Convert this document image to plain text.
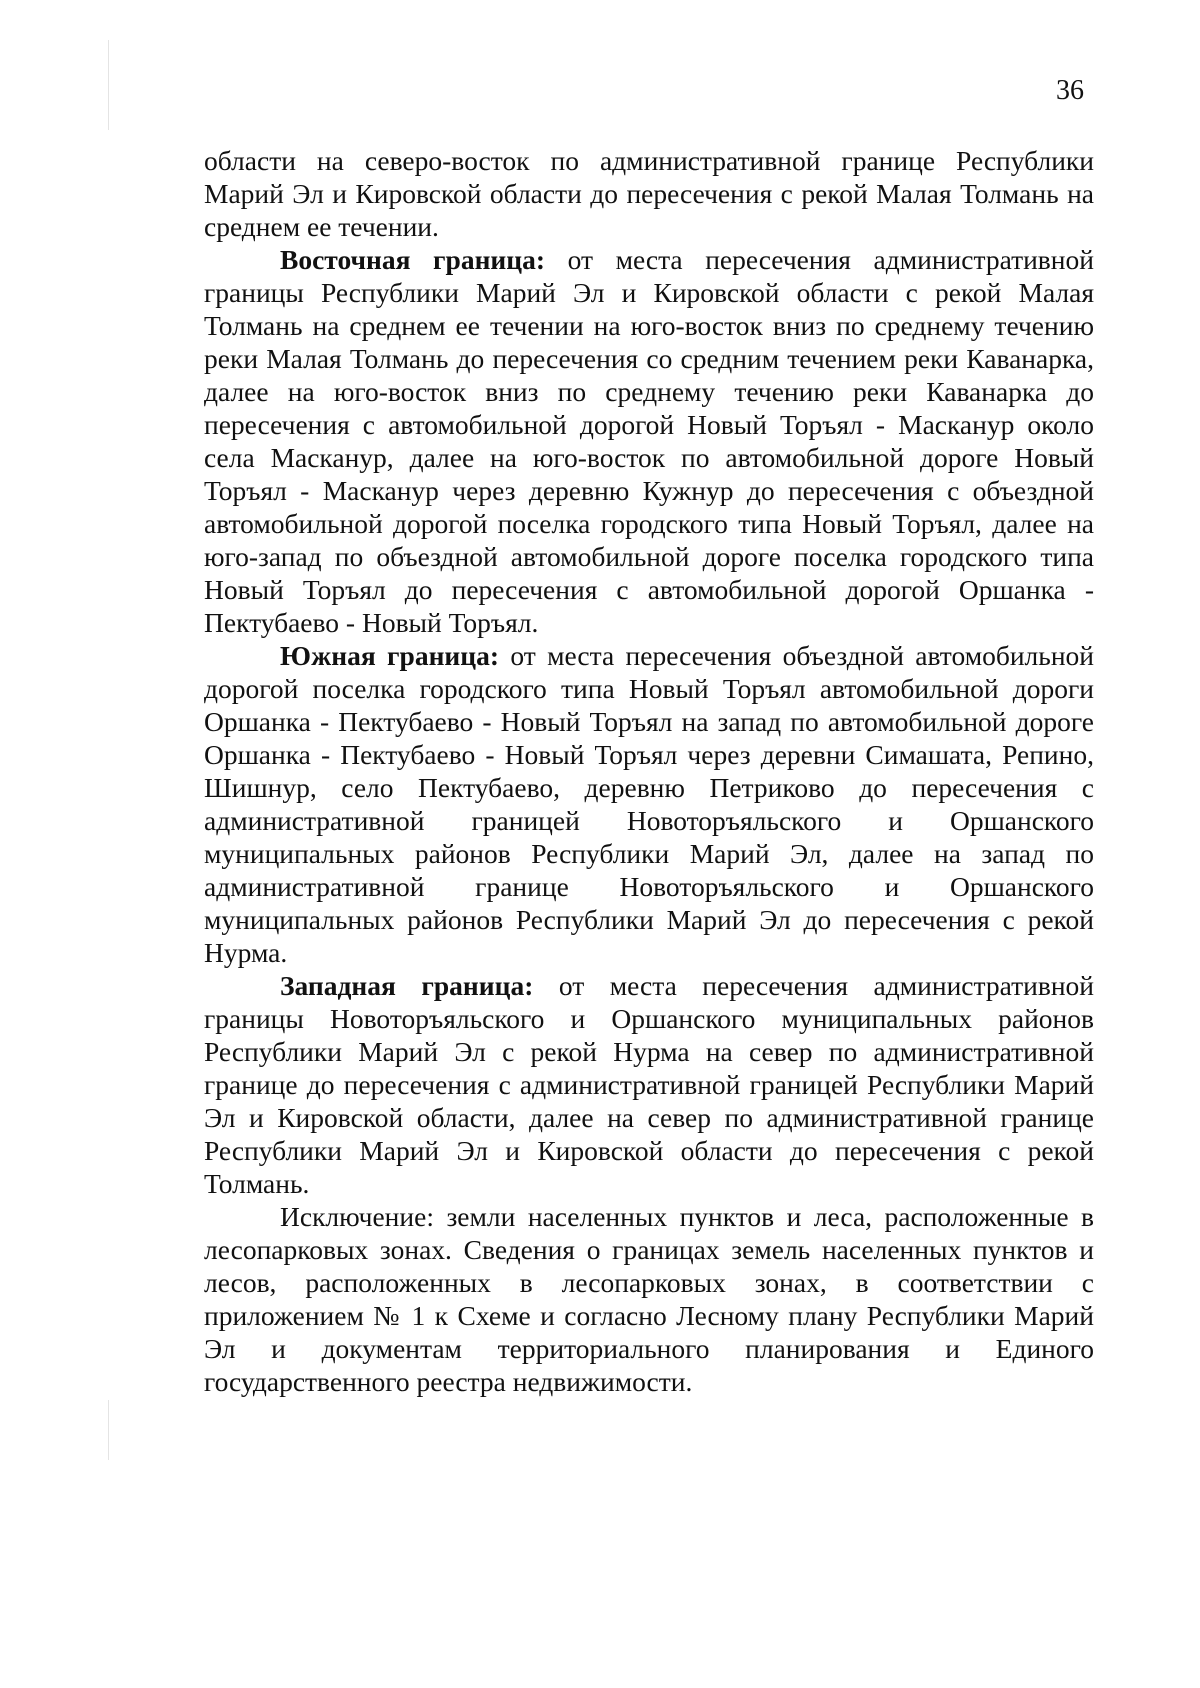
36

области на северо-восток по административной границе Республики Марий Эл и Кировской области до пересечения с рекой Малая Толмань на среднем ее течении.

Восточная граница: от места пересечения административной границы Республики Марий Эл и Кировской области с рекой Малая Толмань на среднем ее течении на юго-восток вниз по среднему течению реки Малая Толмань до пересечения со средним течением реки Каванарка, далее на юго-восток вниз по среднему течению реки Каванарка до пересечения с автомобильной дорогой Новый Торъял - Масканур около села Масканур, далее на юго-восток по автомобильной дороге Новый Торъял - Масканур через деревню Кужнур до пересечения с объездной автомобильной дорогой поселка городского типа Новый Торъял, далее на юго-запад по объездной автомобильной дороге поселка городского типа Новый Торъял до пересечения с автомобильной дорогой Оршанка - Пектубаево - Новый Торъял.

Южная граница: от места пересечения объездной автомобильной дорогой поселка городского типа Новый Торъял автомобильной дороги Оршанка - Пектубаево - Новый Торъял на запад по автомобильной дороге Оршанка - Пектубаево - Новый Торъял через деревни Симашата, Репино, Шишнур, село Пектубаево, деревню Петриково до пересечения с административной границей Новоторъяльского и Оршанского муниципальных районов Республики Марий Эл, далее на запад по административной границе Новоторъяльского и Оршанского муниципальных районов Республики Марий Эл до пересечения с рекой Нурма.

Западная граница: от места пересечения административной границы Новоторъяльского и Оршанского муниципальных районов Республики Марий Эл с рекой Нурма на север по административной границе до пересечения с административной границей Республики Марий Эл и Кировской области, далее на север по административной границе Республики Марий Эл и Кировской области до пересечения с рекой Толмань.

Исключение: земли населенных пунктов и леса, расположенные в лесопарковых зонах. Сведения о границах земель населенных пунктов и лесов, расположенных в лесопарковых зонах, в соответствии с приложением № 1 к Схеме и согласно Лесному плану Республики Марий Эл и документам территориального планирования и Единого государственного реестра недвижимости.
